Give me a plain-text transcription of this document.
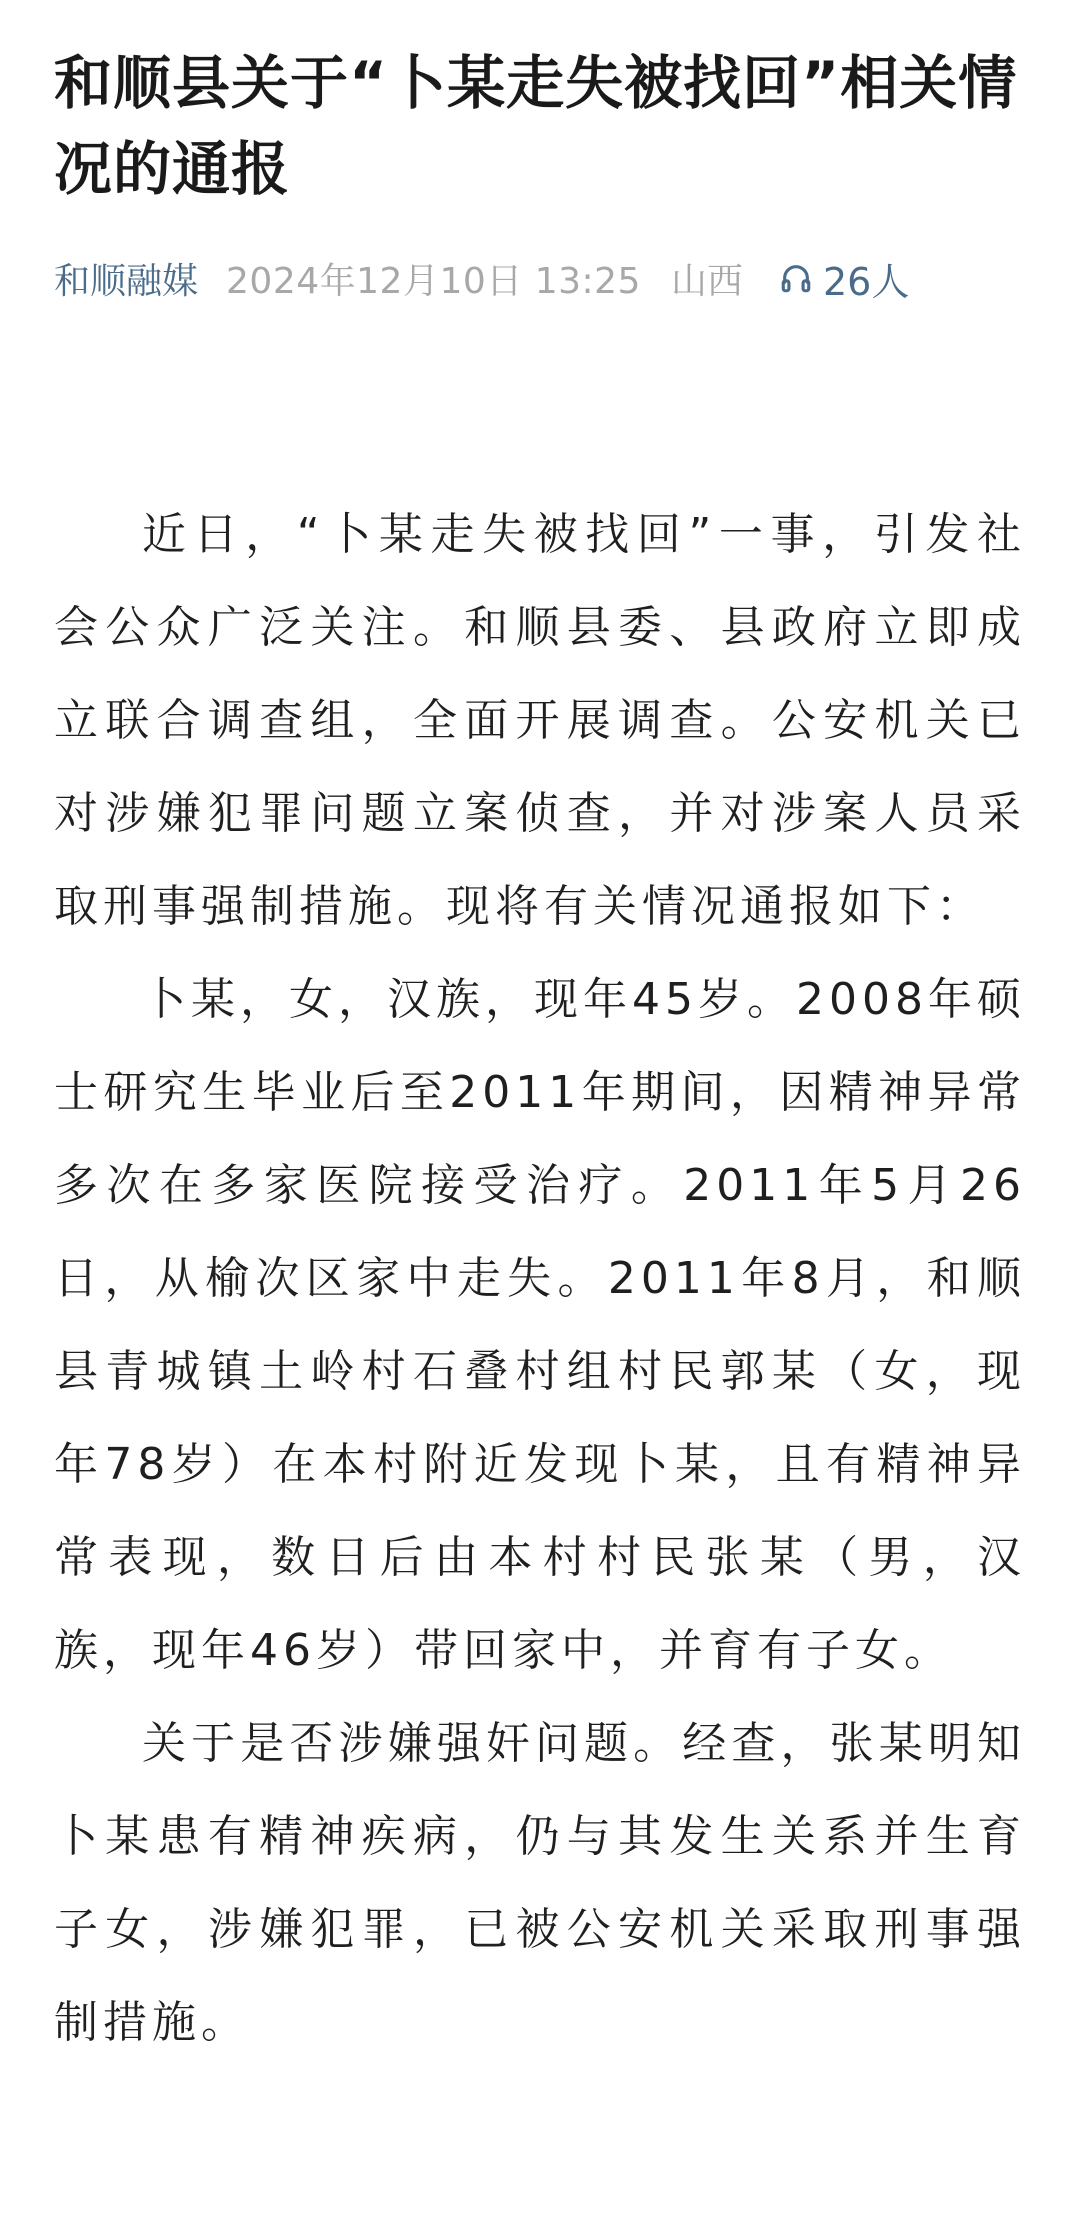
和顺县关于“卜某走失被找回”相关情况的通报
和顺融媒 2024年12月10日 13:25 山西 26人

近日，“卜某走失被找回”一事，引发社会公众广泛关注。和顺县委、县政府立即成立联合调查组，全面开展调查。公安机关已对涉嫌犯罪问题立案侦查，并对涉案人员采取刑事强制措施。现将有关情况通报如下：

卜某，女，汉族，现年45岁。2008年硕士研究生毕业后至2011年期间，因精神异常多次在多家医院接受治疗。2011年5月26日，从榆次区家中走失。2011年8月，和顺县青城镇土岭村石叠村组村民郭某（女，现年78岁）在本村附近发现卜某，且有精神异常表现，数日后由本村村民张某（男，汉族，现年46岁）带回家中，并育有子女。

关于是否涉嫌强奸问题。经查，张某明知卜某患有精神疾病，仍与其发生关系并生育子女，涉嫌犯罪，已被公安机关采取刑事强制措施。
